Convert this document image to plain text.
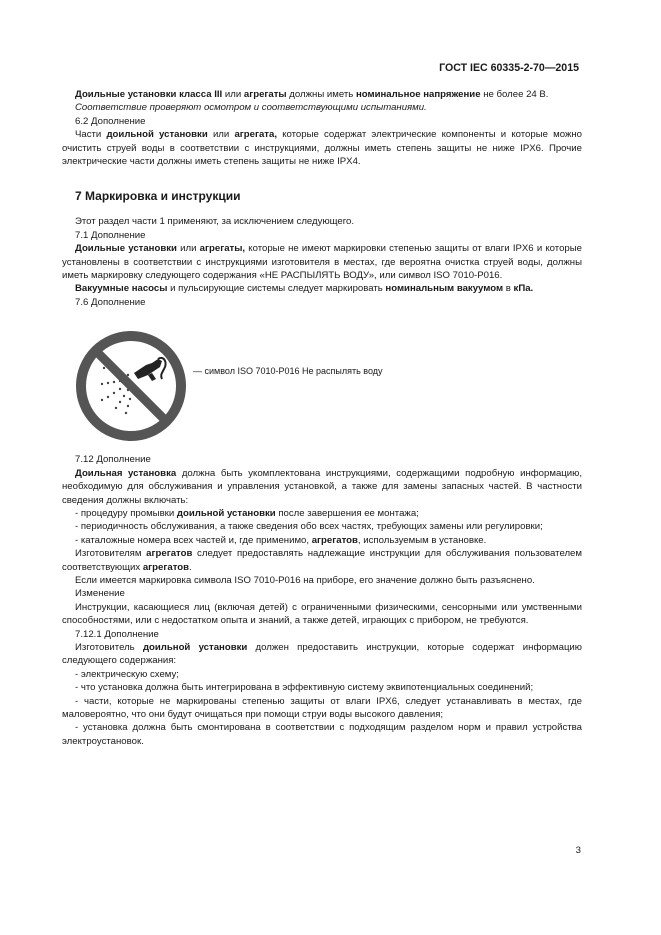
ГОСТ IEC 60335-2-70—2015

Доильные установки класса III или агрегаты должны иметь номинальное напряжение не более 24 В.

Соответствие проверяют осмотром и соответствующими испытаниями.

6.2 Дополнение

Части доильной установки или агрегата, которые содержат электрические компоненты и которые можно очистить струей воды в соответствии с инструкциями, должны иметь степень защиты не ниже IPX6. Прочие электрические части должны иметь степень защиты не ниже IPX4.

7 Маркировка и инструкции

Этот раздел части 1 применяют, за исключением следующего.

7.1 Дополнение

Доильные установки или агрегаты, которые не имеют маркировки степенью защиты от влаги IPX6 и которые установлены в соответствии с инструкциями изготовителя в местах, где вероятна очистка струей воды, должны иметь маркировку следующего содержания «НЕ РАСПЫЛЯТЬ ВОДУ», или символ ISO 7010-P016.

Вакуумные насосы и пульсирующие системы следует маркировать номинальным вакуумом в кПа.

7.6 Дополнение

— символ ISO 7010-P016 Не распылять воду

7.12 Дополнение

Доильная установка должна быть укомплектована инструкциями, содержащими подробную информацию, необходимую для обслуживания и управления установкой, а также для замены запасных частей. В частности сведения должны включать:

- процедуру промывки доильной установки после завершения ее монтажа;

- периодичность обслуживания, а также сведения обо всех частях, требующих замены или регулировки;

- каталожные номера всех частей и, где применимо, агрегатов, используемым в установке.

Изготовителям агрегатов следует предоставлять надлежащие инструкции для обслуживания пользователем соответствующих агрегатов.

Если имеется маркировка символа ISO 7010-P016 на приборе, его значение должно быть разъяснено.

Изменение

Инструкции, касающиеся лиц (включая детей) с ограниченными физическими, сенсорными или умственными способностями, или с недостатком опыта и знаний, а также детей, играющих с прибором, не требуются.

7.12.1 Дополнение

Изготовитель доильной установки должен предоставить инструкции, которые содержат информацию следующего содержания:

- электрическую схему;

- что установка должна быть интегрирована в эффективную систему эквипотенциальных соединений;

- части, которые не маркированы степенью защиты от влаги IPX6, следует устанавливать в местах, где маловероятно, что они будут очищаться при помощи струи воды высокого давления;

- установка должна быть смонтирована в соответствии с подходящим разделом норм и правил устройства электроустановок.

3
